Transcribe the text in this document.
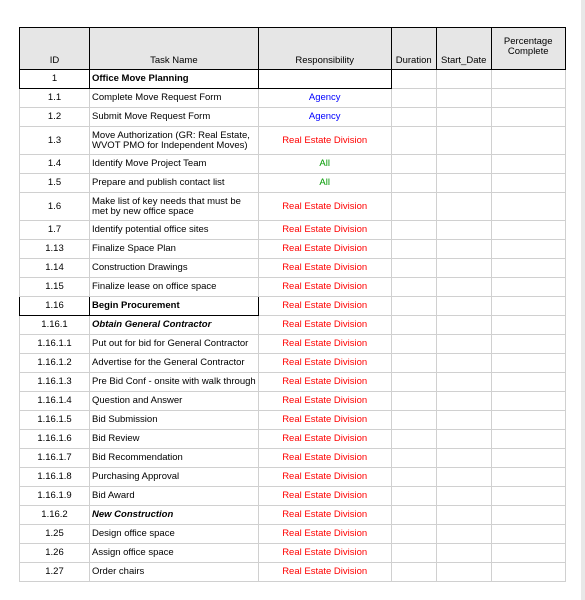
ID	Task Name	Responsibility	Duration	Start_Date	Percentage Complete
1	Office Move Planning				
1.1	Complete Move Request Form	Agency			
1.2	Submit Move Request Form	Agency			
1.3	Move Authorization (GR: Real Estate, WVOT PMO for Independent Moves)	Real Estate Division			
1.4	Identify Move Project Team	All			
1.5	Prepare and publish contact list	All			
1.6	Make list of key needs that must be met by new office space	Real Estate Division			
1.7	Identify potential office sites	Real Estate Division			
1.13	Finalize Space Plan	Real Estate Division			
1.14	Construction Drawings	Real Estate Division			
1.15	Finalize lease on office space	Real Estate Division			
1.16	Begin Procurement	Real Estate Division			
1.16.1	Obtain General Contractor	Real Estate Division			
1.16.1.1	Put out for bid for General Contractor	Real Estate Division			
1.16.1.2	Advertise for the General Contractor	Real Estate Division			
1.16.1.3	Pre Bid Conf - onsite with walk through	Real Estate Division			
1.16.1.4	Question and Answer	Real Estate Division			
1.16.1.5	Bid Submission	Real Estate Division			
1.16.1.6	Bid Review	Real Estate Division			
1.16.1.7	Bid Recommendation	Real Estate Division			
1.16.1.8	Purchasing Approval	Real Estate Division			
1.16.1.9	Bid Award	Real Estate Division			
1.16.2	New Construction	Real Estate Division			
1.25	Design office space	Real Estate Division			
1.26	Assign office space	Real Estate Division			
1.27	Order chairs	Real Estate Division			
